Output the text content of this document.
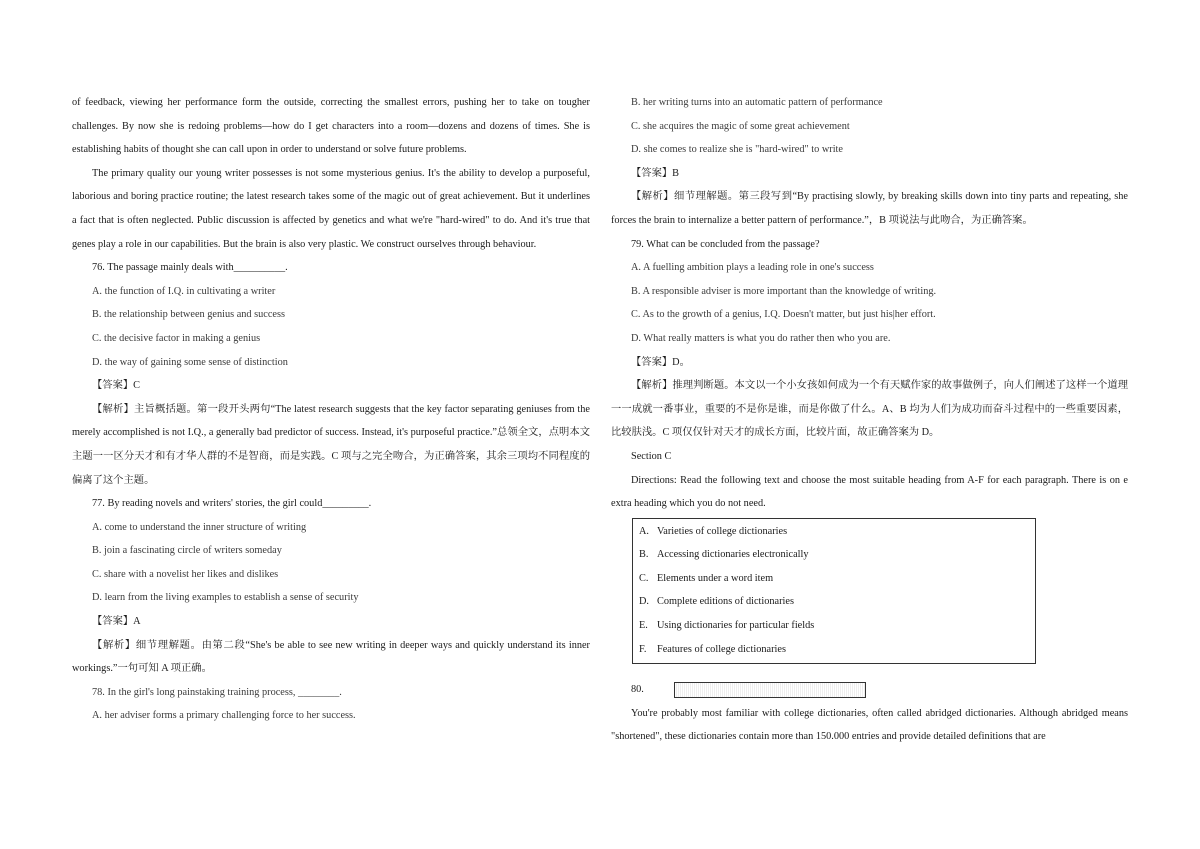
of feedback, viewing her performance form the outside, correcting the smallest errors, pushing her to take on tougher challenges. By now she is redoing problems—how do I get characters into a room—dozens and dozens of times. She is establishing habits of thought she can call upon in order to understand or solve future problems.

The primary quality our young writer possesses is not some mysterious genius. It's the ability to develop a purposeful, laborious and boring practice routine; the latest research takes some of the magic out of great achievement. But it underlines a fact that is often neglected. Public discussion is affected by genetics and what we're "hard-wired" to do. And it's true that genes play a role in our capabilities. But the brain is also very plastic. We construct ourselves through behaviour.

76. The passage mainly deals with__________.

A. the function of I.Q. in cultivating a writer

B. the relationship between genius and success

C. the decisive factor in making a genius

D. the way of gaining some sense of distinction

【答案】C

【解析】主旨概括题。第一段开头两句“The latest research suggests that the key factor separating geniuses from the merely accomplished is not I.Q., a generally bad predictor of success. Instead, it's purposeful practice.”总领全文，点明本文主题一一区分天才和有才华人群的不是智商，而是实践。C 项与之完全吻合，为正确答案，其余三项均不同程度的偏离了这个主题。

77. By reading novels and writers' stories, the girl could_________.

A. come to understand the inner structure of writing

B. join a fascinating circle of writers someday

C. share with a novelist her likes and dislikes

D. learn from the living examples to establish a sense of security

【答案】A

【解析】细节理解题。由第二段“She's be able to see new writing in deeper ways and quickly understand its inner workings.”一句可知 A 项正确。

78. In the girl's long painstaking training process, ________.

A. her adviser forms a primary challenging force to her success.

B. her writing turns into an automatic pattern of performance

C. she acquires the magic of some great achievement

D. she comes to realize she is "hard-wired" to write

【答案】B

【解析】细节理解题。第三段写到“By practising slowly, by breaking skills down into tiny parts and repeating, she forces the brain to internalize a better pattern of performance.”，B 项说法与此吻合，为正确答案。

79. What can be concluded from the passage?

A. A fuelling ambition plays a leading role in one's success

B. A responsible adviser is more important than the knowledge of writing.

C. As to the growth of a genius, I.Q. Doesn't matter, but just his|her effort.

D. What really matters is what you do rather then who you are.

【答案】D。

【解析】推理判断题。本文以一个小女孩如何成为一个有天赋作家的故事做例子，向人们阐述了这样一个道理一一成就一番事业，重要的不是你是谁，而是你做了什么。A、B 均为人们为成功而奋斗过程中的一些重要因素，比较肤浅。C 项仅仅针对天才的成长方面，比较片面，故正确答案为 D。

Section C

Directions: Read the following text and choose the most suitable heading from A-F for each paragraph. There is on e extra heading which you do not need.

A. Varieties of college dictionaries

B. Accessing dictionaries electronically

C. Elements under a word item

D. Complete editions of dictionaries

E. Using dictionaries for particular fields

F. Features of college dictionaries

80.

You're probably most familiar with college dictionaries, often called abridged dictionaries. Although abridged means "shortened", these dictionaries contain more than 150.000 entries and provide detailed definitions that are
